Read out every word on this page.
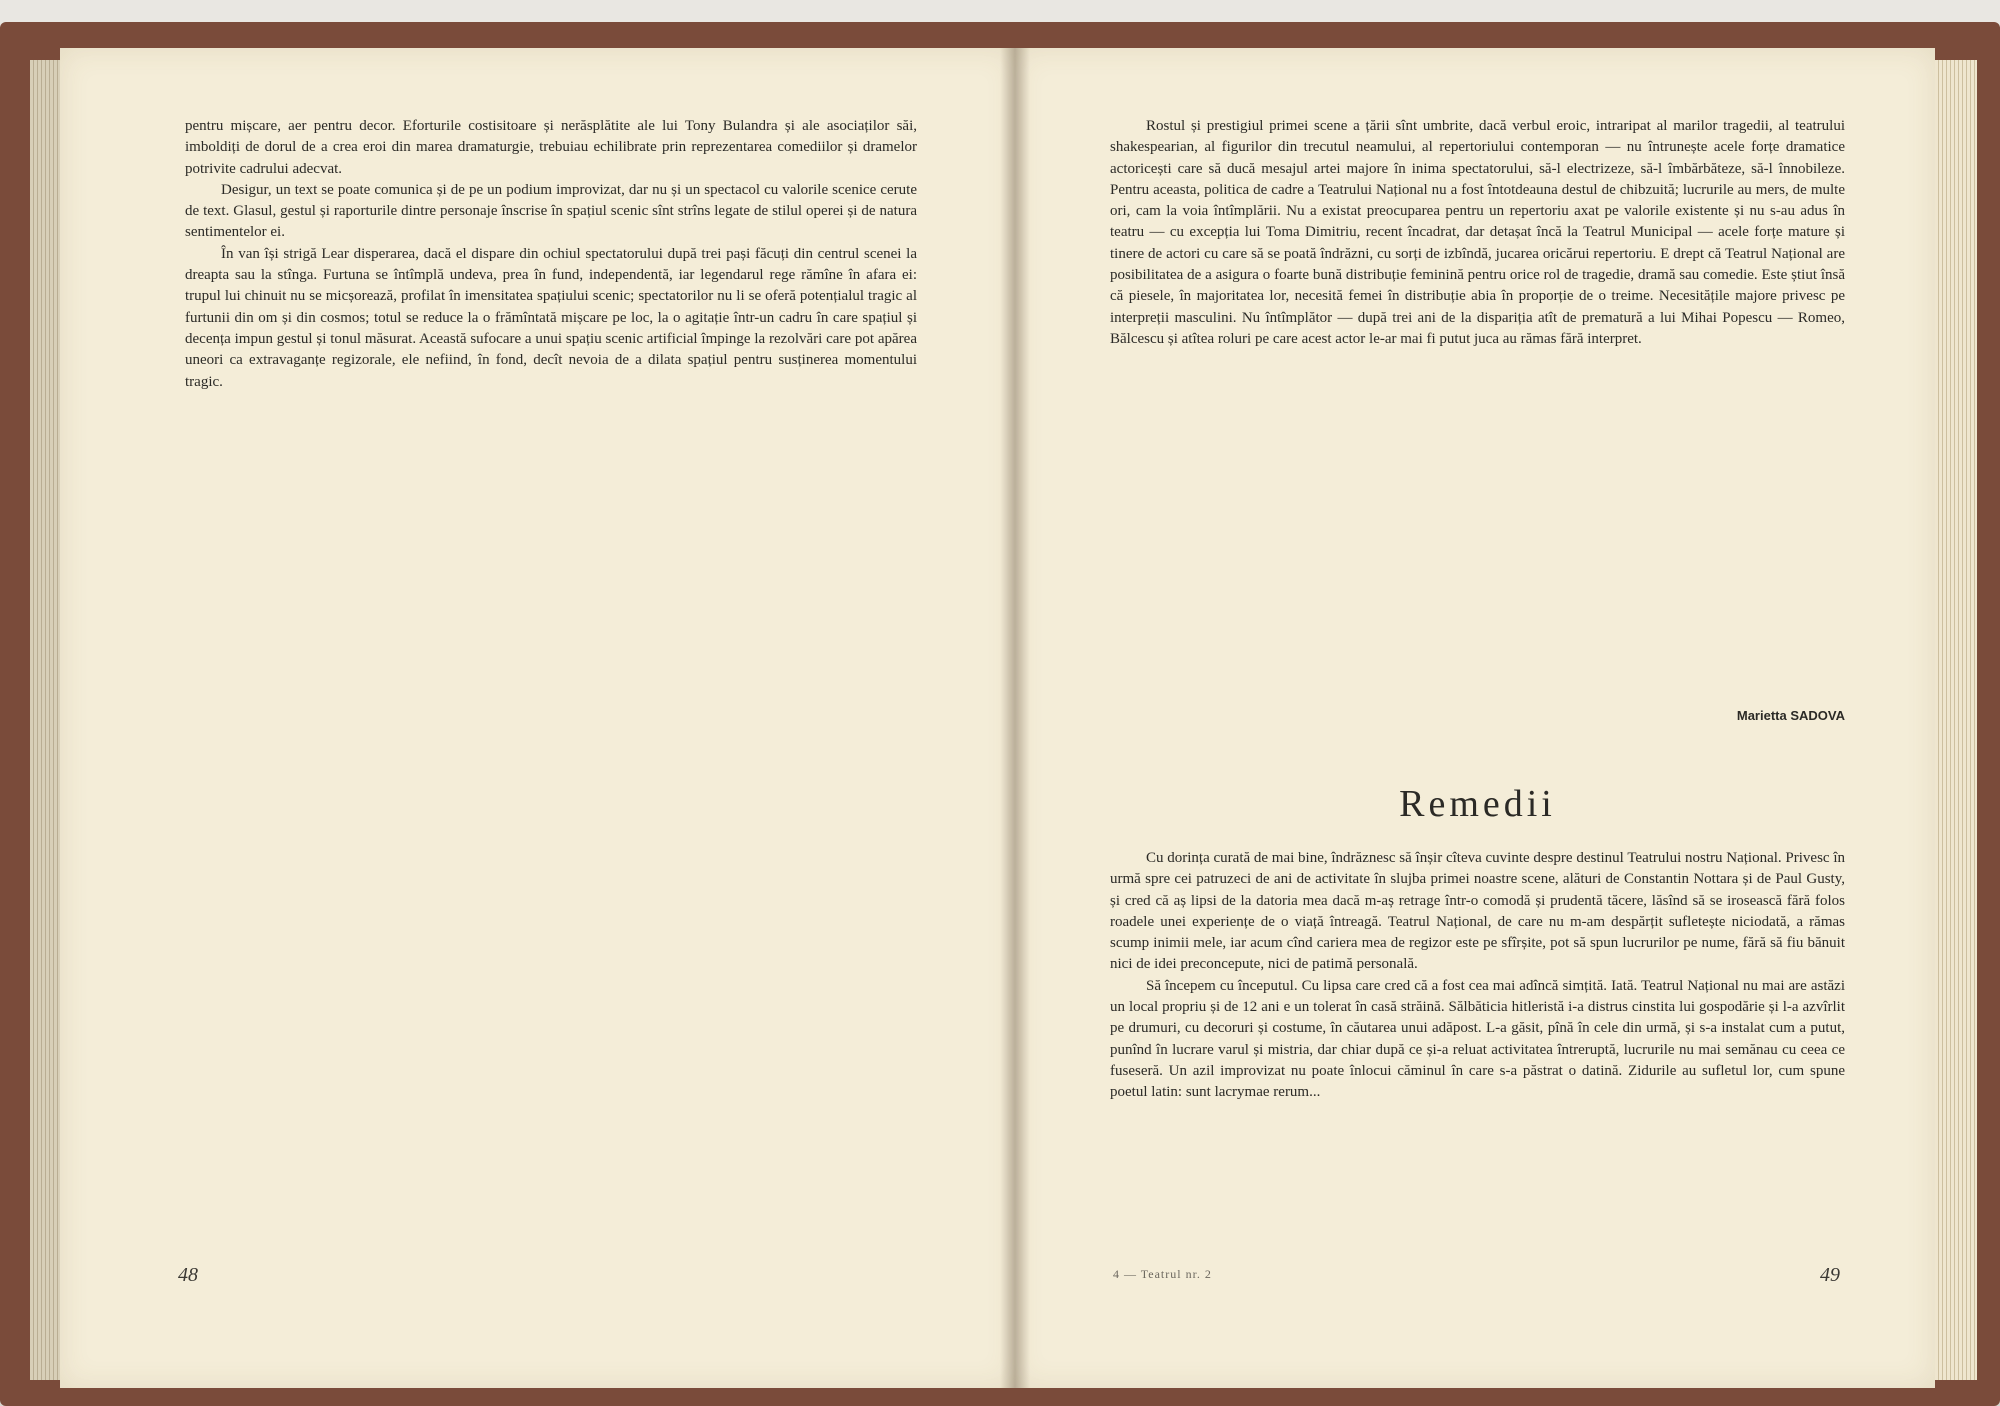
pentru mișcare, aer pentru decor. Eforturile costisitoare și nerăsplătite ale lui Tony Bulandra și ale asociaților săi, imboldiți de dorul de a crea eroi din marea dramaturgie, trebuiau echilibrate prin reprezentarea comediilor și dramelor potrivite cadrului adecvat.

Desigur, un text se poate comunica și de pe un podium improvizat, dar nu și un spectacol cu valorile scenice cerute de text. Glasul, gestul și raporturile dintre personaje înscrise în spațiul scenic sînt strîns legate de stilul operei și de natura sentimentelor ei.

În van își strigă Lear disperarea, dacă el dispare din ochiul spectatorului după trei pași făcuți din centrul scenei la dreapta sau la stînga. Furtuna se întîmplă undeva, prea în fund, independentă, iar legendarul rege rămîne în afara ei: trupul lui chinuit nu se micșorează, profilat în imensitatea spațiului scenic; spectatorilor nu li se oferă potențialul tragic al furtunii din om și din cosmos; totul se reduce la o frămîntată mișcare pe loc, la o agitație într-un cadru în care spațiul și decența impun gestul și tonul măsurat. Această sufocare a unui spațiu scenic artificial împinge la rezolvări care pot apărea uneori ca extravaganțe regizorale, ele nefiind, în fond, decît nevoia de a dilata spațiul pentru susținerea momentului tragic.

Rostul și prestigiul primei scene a țării sînt umbrite, dacă verbul eroic, intraripat al marilor tragedii, al teatrului shakespearian, al figurilor din trecutul neamului, al repertoriului contemporan — nu întrunește acele forțe dramatice actoricești care să ducă mesajul artei majore în inima spectatorului, să-l electrizeze, să-l îmbărbăteze, să-l înnobileze. Pentru aceasta, politica de cadre a Teatrului Național nu a fost întotdeauna destul de chibzuită; lucrurile au mers, de multe ori, cam la voia întîmplării. Nu a existat preocuparea pentru un repertoriu axat pe valorile existente și nu s-au adus în teatru — cu excepția lui Toma Dimitriu, recent încadrat, dar detașat încă la Teatrul Municipal — acele forțe mature și tinere de actori cu care să se poată îndrăzni, cu sorți de izbîndă, jucarea oricărui repertoriu. E drept că Teatrul Național are posibilitatea de a asigura o foarte bună distribuție feminină pentru orice rol de tragedie, dramă sau comedie. Este știut însă că piesele, în majoritatea lor, necesită femei în distribuție abia în proporție de o treime. Necesitățile majore privesc pe interpreții masculini. Nu întîmplător — după trei ani de la dispariția atît de prematură a lui Mihai Popescu — Romeo, Bălcescu și atîtea roluri pe care acest actor le-ar mai fi putut juca au rămas fără interpret.

Marietta SADOVA
Remedii

Cu dorința curată de mai bine, îndrăznesc să înșir cîteva cuvinte despre destinul Teatrului nostru Național. Privesc în urmă spre cei patruzeci de ani de activitate în slujba primei noastre scene, alături de Constantin Nottara și de Paul Gusty, și cred că aș lipsi de la datoria mea dacă m-aș retrage într-o comodă și prudentă tăcere, lăsînd să se irosească fără folos roadele unei experiențe de o viață întreagă. Teatrul Național, de care nu m-am despărțit sufletește niciodată, a rămas scump inimii mele, iar acum cînd cariera mea de regizor este pe sfîrșite, pot să spun lucrurilor pe nume, fără să fiu bănuit nici de idei preconcepute, nici de patimă personală.

Să începem cu începutul. Cu lipsa care cred că a fost cea mai adîncă simțită. Iată. Teatrul Național nu mai are astăzi un local propriu și de 12 ani e un tolerat în casă străină. Sălbăticia hitleristă i-a distrus cinstita lui gospodărie și l-a azvîrlit pe drumuri, cu decoruri și costume, în căutarea unui adăpost. L-a găsit, pînă în cele din urmă, și s-a instalat cum a putut, punînd în lucrare varul și mistria, dar chiar după ce și-a reluat activitatea întreruptă, lucrurile nu mai semănau cu ceea ce fuseseră. Un azil improvizat nu poate înlocui căminul în care s-a păstrat o datină. Zidurile au sufletul lor, cum spune poetul latin: sunt lacrymae rerum...

48	4 — Teatrul nr. 2	49
